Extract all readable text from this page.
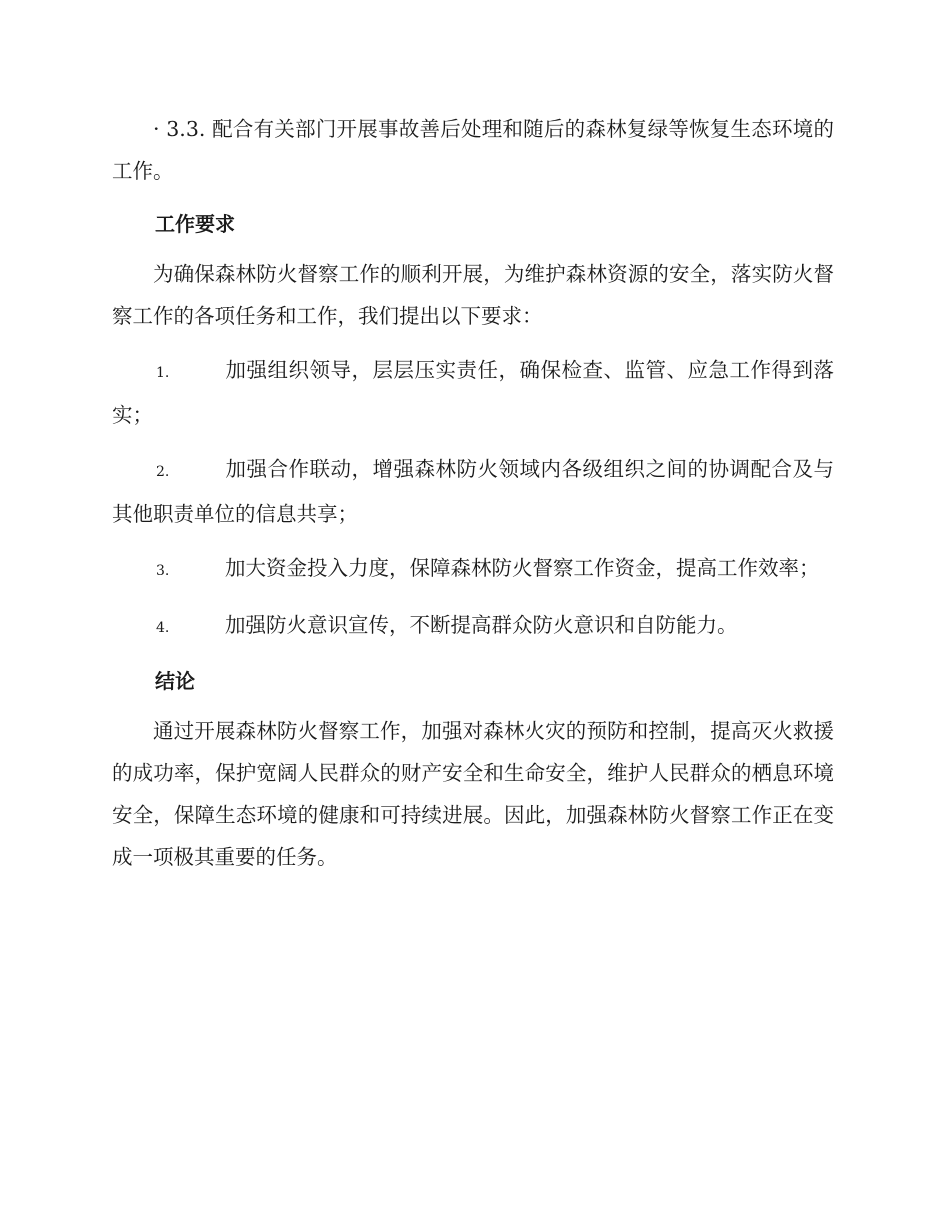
· 3.3. 配合有关部门开展事故善后处理和随后的森林复绿等恢复生态环境的工作。

工作要求

为确保森林防火督察工作的顺利开展，为维护森林资源的安全，落实防火督察工作的各项任务和工作，我们提出以下要求：

1.	加强组织领导，层层压实责任，确保检查、监管、应急工作得到落实；

2.	加强合作联动，增强森林防火领域内各级组织之间的协调配合及与其他职责单位的信息共享；

3.	加大资金投入力度，保障森林防火督察工作资金，提高工作效率；

4.	加强防火意识宣传，不断提高群众防火意识和自防能力。

结论

通过开展森林防火督察工作，加强对森林火灾的预防和控制，提高灭火救援的成功率，保护宽阔人民群众的财产安全和生命安全，维护人民群众的栖息环境安全，保障生态环境的健康和可持续进展。因此，加强森林防火督察工作正在变成一项极其重要的任务。
